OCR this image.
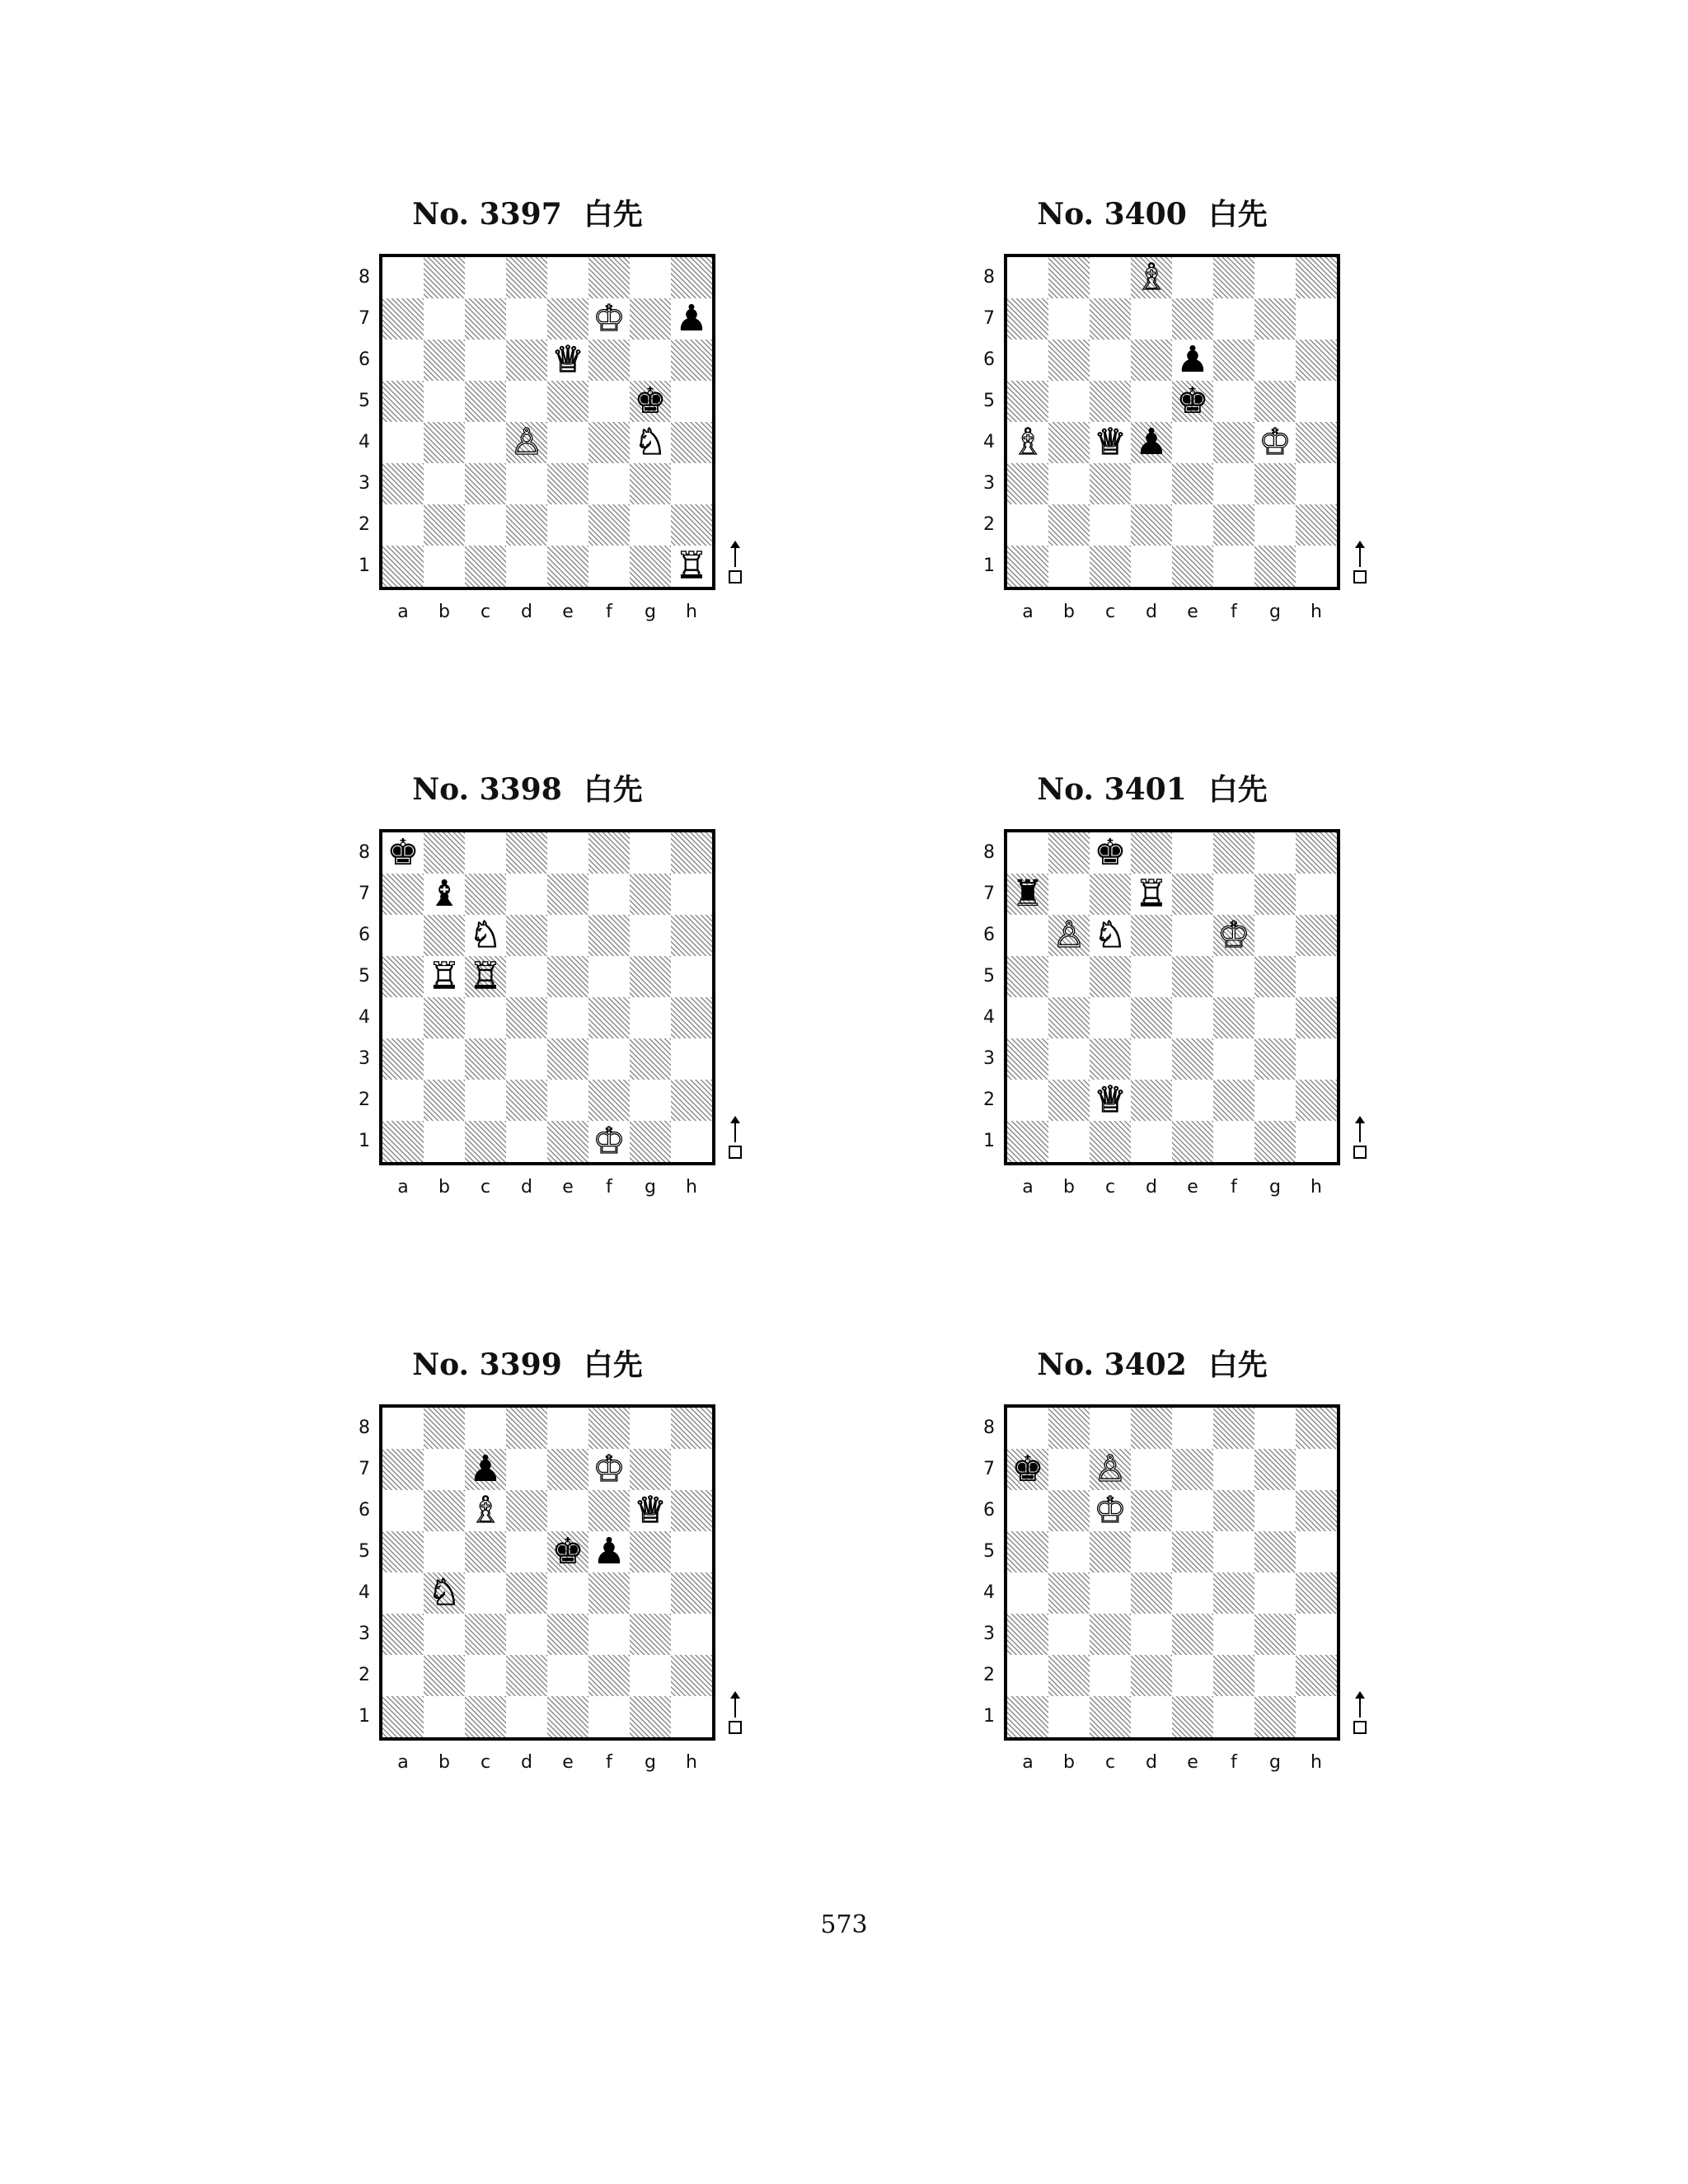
No. 3397 白先
♔ ♟
♕
♚
♙	♘
♖
8
7
6
5
4
3
2
1
a	b	c	d	e	f	g	h
No. 3400 白先
♗
♟
♚
♗ ♕ ♟	♔
8
7
6
5
4
3
2
1
a	b	c	d	e	f	g	h
No. 3398 白先
♚
♝
♘
♖ ♖
♔
8
7
6
5
4
3
2
1
a	b	c	d	e	f	g	h
No. 3401 白先
♚
♜	♖
♙ ♘	♔
♕
8
7
6
5
4
3
2
1
a	b	c	d	e	f	g	h
No. 3399 白先
♟	♔
♗	♕
♚ ♟
♘
8
7
6
5
4
3
2
1
a	b	c	d	e	f	g	h
No. 3402 白先
♚ ♙
♔
8
7
6
5
4
3
2
1
a	b	c	d	e	f	g	h
573
